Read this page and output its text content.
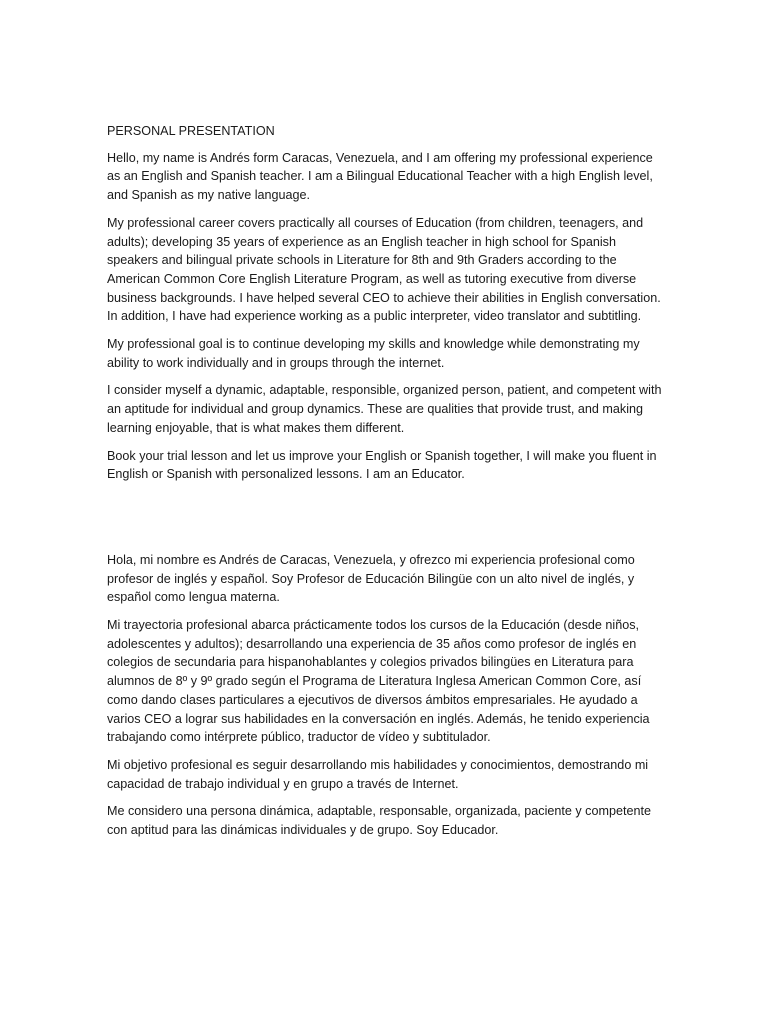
PERSONAL PRESENTATION

Hello, my name is Andrés form Caracas, Venezuela, and I am offering my professional experience as an English and Spanish teacher. I am a Bilingual Educational Teacher with a high English level, and Spanish as my native language.

My professional career covers practically all courses of Education (from children, teenagers, and adults); developing 35 years of experience as an English teacher in high school for Spanish speakers and bilingual private schools in Literature for 8th and 9th Graders according to the American Common Core English Literature Program, as well as tutoring executive from diverse business backgrounds. I have helped several CEO to achieve their abilities in English conversation. In addition, I have had experience working as a public interpreter, video translator and subtitling.

My professional goal is to continue developing my skills and knowledge while demonstrating my ability to work individually and in groups through the internet.

I consider myself a dynamic, adaptable, responsible, organized person, patient, and competent with an aptitude for individual and group dynamics. These are qualities that provide trust, and making learning enjoyable, that is what makes them different.

Book your trial lesson and let us improve your English or Spanish together, I will make you fluent in English or Spanish with personalized lessons. I am an Educator.

Hola, mi nombre es Andrés de Caracas, Venezuela, y ofrezco mi experiencia profesional como profesor de inglés y español. Soy Profesor de Educación Bilingüe con un alto nivel de inglés, y español como lengua materna.

Mi trayectoria profesional abarca prácticamente todos los cursos de la Educación (desde niños, adolescentes y adultos); desarrollando una experiencia de 35 años como profesor de inglés en colegios de secundaria para hispanohablantes y colegios privados bilingües en Literatura para alumnos de 8º y 9º grado según el Programa de Literatura Inglesa American Common Core, así como dando clases particulares a ejecutivos de diversos ámbitos empresariales. He ayudado a varios CEO a lograr sus habilidades en la conversación en inglés. Además, he tenido experiencia trabajando como intérprete público, traductor de vídeo y subtitulador.

Mi objetivo profesional es seguir desarrollando mis habilidades y conocimientos, demostrando mi capacidad de trabajo individual y en grupo a través de Internet.

Me considero una persona dinámica, adaptable, responsable, organizada, paciente y competente con aptitud para las dinámicas individuales y de grupo. Soy Educador.
